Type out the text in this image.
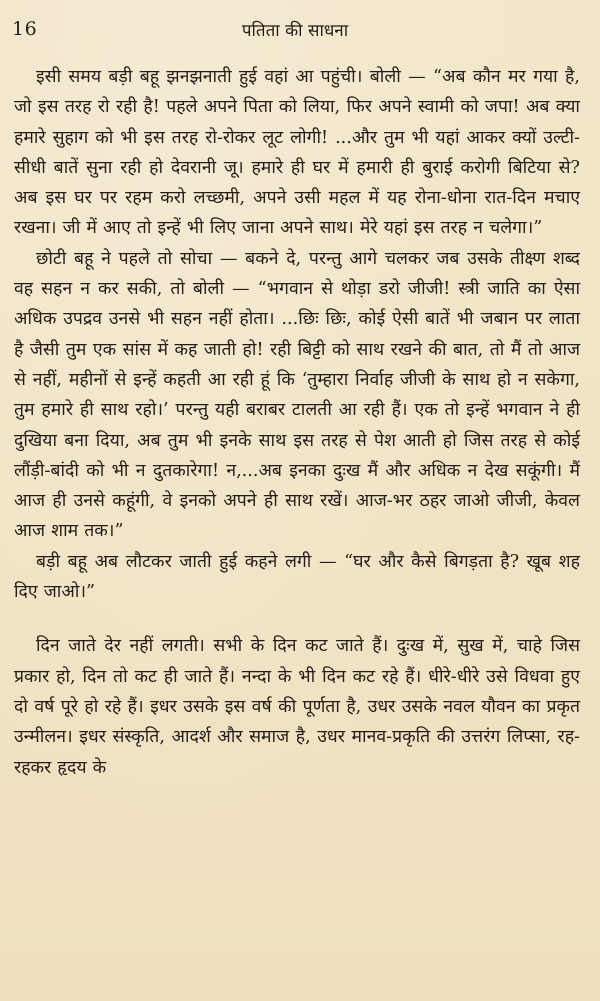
16	पतिता की साधना

इसी समय बड़ी बहू झनझनाती हुई वहां आ पहुंची। बोली — “अब कौन मर गया है, जो इस तरह रो रही है! पहले अपने पिता को लिया, फिर अपने स्वामी को जपा! अब क्या हमारे सुहाग को भी इस तरह रो-रोकर लूट लोगी! ...और तुम भी यहां आकर क्यों उल्टी-सीधी बातें सुना रही हो देवरानी जू। हमारे ही घर में हमारी ही बुराई करोगी बिटिया से? अब इस घर पर रहम करो लच्छमी, अपने उसी महल में यह रोना-धोना रात-दिन मचाए रखना। जी में आए तो इन्हें भी लिए जाना अपने साथ। मेरे यहां इस तरह न चलेगा।”

छोटी बहू ने पहले तो सोचा — बकने दे, परन्तु आगे चलकर जब उसके तीक्ष्ण शब्द वह सहन न कर सकी, तो बोली — “भगवान से थोड़ा डरो जीजी! स्त्री जाति का ऐसा अधिक उपद्रव उनसे भी सहन नहीं होता। ...छिः छिः, कोई ऐसी बातें भी जबान पर लाता है जैसी तुम एक सांस में कह जाती हो! रही बिट्टी को साथ रखने की बात, तो मैं तो आज से नहीं, महीनों से इन्हें कहती आ रही हूं कि ‘तुम्हारा निर्वाह जीजी के साथ हो न सकेगा, तुम हमारे ही साथ रहो।’ परन्तु यही बराबर टालती आ रही हैं। एक तो इन्हें भगवान ने ही दुखिया बना दिया, अब तुम भी इनके साथ इस तरह से पेश आती हो जिस तरह से कोई लौंड़ी-बांदी को भी न दुतकारेगा! न,...अब इनका दुःख मैं और अधिक न देख सकूंगी। मैं आज ही उनसे कहूंगी, वे इनको अपने ही साथ रखें। आज-भर ठहर जाओ जीजी, केवल आज शाम तक।”

बड़ी बहू अब लौटकर जाती हुई कहने लगी — “घर और कैसे बिगड़ता है? खूब शह दिए जाओ।”

दिन जाते देर नहीं लगती। सभी के दिन कट जाते हैं। दुःख में, सुख में, चाहे जिस प्रकार हो, दिन तो कट ही जाते हैं। नन्दा के भी दिन कट रहे हैं। धीरे-धीरे उसे विधवा हुए दो वर्ष पूरे हो रहे हैं। इधर उसके इस वर्ष की पूर्णता है, उधर उसके नवल यौवन का प्रकृत उन्मीलन। इधर संस्कृति, आदर्श और समाज है, उधर मानव-प्रकृति की उत्तरंग लिप्सा, रह-रहकर हृदय के
